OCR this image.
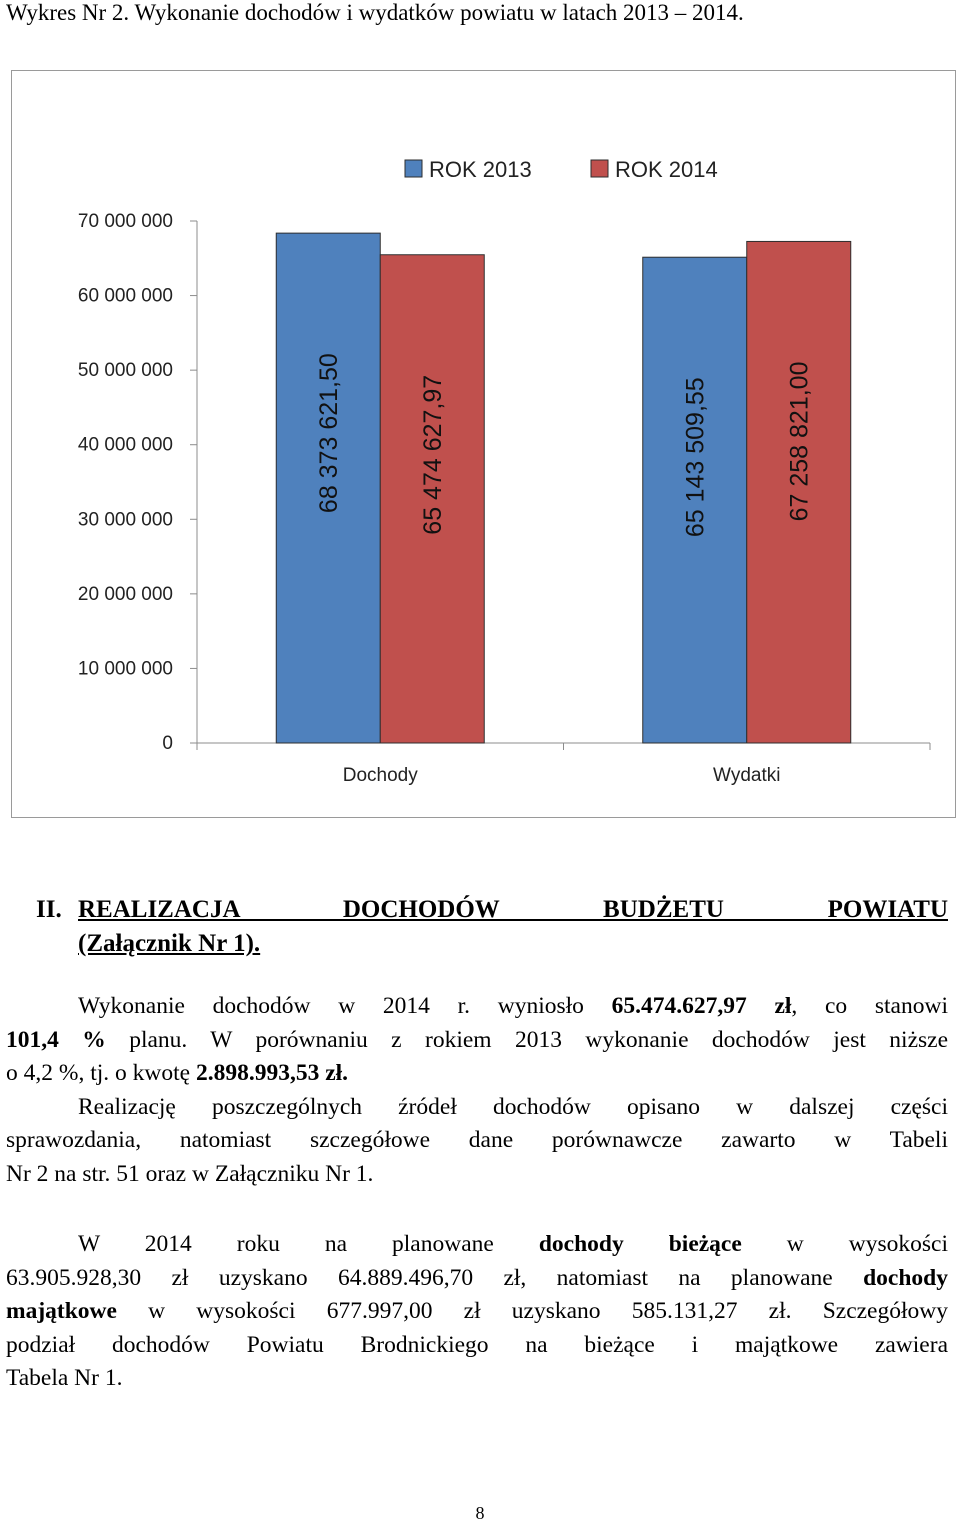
Wykres Nr 2. Wykonanie dochodów i wydatków powiatu w latach 2013 – 2014.
0
10 000 000
20 000 000
30 000 000
40 000 000
50 000 000
60 000 000
70 000 000
Dochody
68 373 621,50	65 474 627,97
Wydatki
65 143 509,55	67 258 821,00
ROK 2013	ROK 2014
II. REALIZACJA DOCHODÓW BUDŻETU POWIATU
(Załącznik Nr 1).
Wykonanie dochodów w 2014 r. wyniosło 65.474.627,97 zł, co stanowi
101,4 % planu. W porównaniu z rokiem 2013 wykonanie dochodów jest niższe
o 4,2 %, tj. o kwotę 2.898.993,53 zł.
Realizację poszczególnych źródeł dochodów opisano w dalszej części
sprawozdania, natomiast szczegółowe dane porównawcze zawarto w Tabeli
Nr 2 na str. 51 oraz w Załączniku Nr 1.
W 2014 roku na planowane dochody bieżące w wysokości
63.905.928,30 zł uzyskano 64.889.496,70 zł, natomiast na planowane dochody
majątkowe w wysokości 677.997,00 zł uzyskano 585.131,27 zł. Szczegółowy
podział dochodów Powiatu Brodnickiego na bieżące i majątkowe zawiera
Tabela Nr 1.
8
